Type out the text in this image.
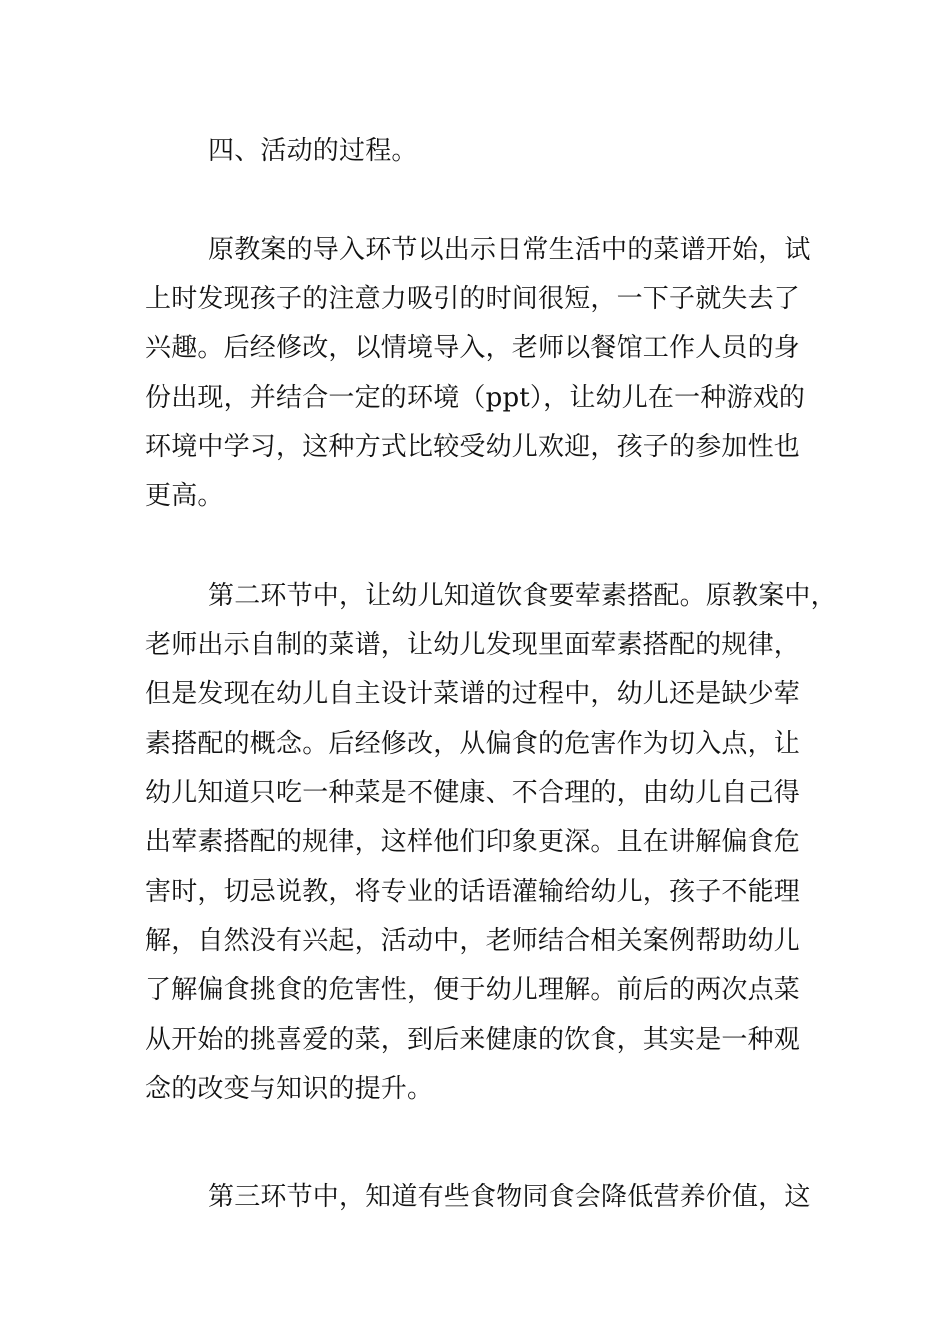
四、活动的过程。
原教案的导入环节以出示日常生活中的菜谱开始，试
上时发现孩子的注意力吸引的时间很短，一下子就失去了
兴趣。后经修改，以情境导入，老师以餐馆工作人员的身
份出现，并结合一定的环境（ppt），让幼儿在一种游戏的
环境中学习，这种方式比较受幼儿欢迎，孩子的参加性也
更高。
第二环节中，让幼儿知道饮食要荤素搭配。原教案中，
老师出示自制的菜谱，让幼儿发现里面荤素搭配的规律，
但是发现在幼儿自主设计菜谱的过程中，幼儿还是缺少荤
素搭配的概念。后经修改，从偏食的危害作为切入点，让
幼儿知道只吃一种菜是不健康、不合理的，由幼儿自己得
出荤素搭配的规律，这样他们印象更深。且在讲解偏食危
害时，切忌说教，将专业的话语灌输给幼儿，孩子不能理
解，自然没有兴起，活动中，老师结合相关案例帮助幼儿
了解偏食挑食的危害性，便于幼儿理解。前后的两次点菜
从开始的挑喜爱的菜，到后来健康的饮食，其实是一种观
念的改变与知识的提升。
第三环节中，知道有些食物同食会降低营养价值，这
